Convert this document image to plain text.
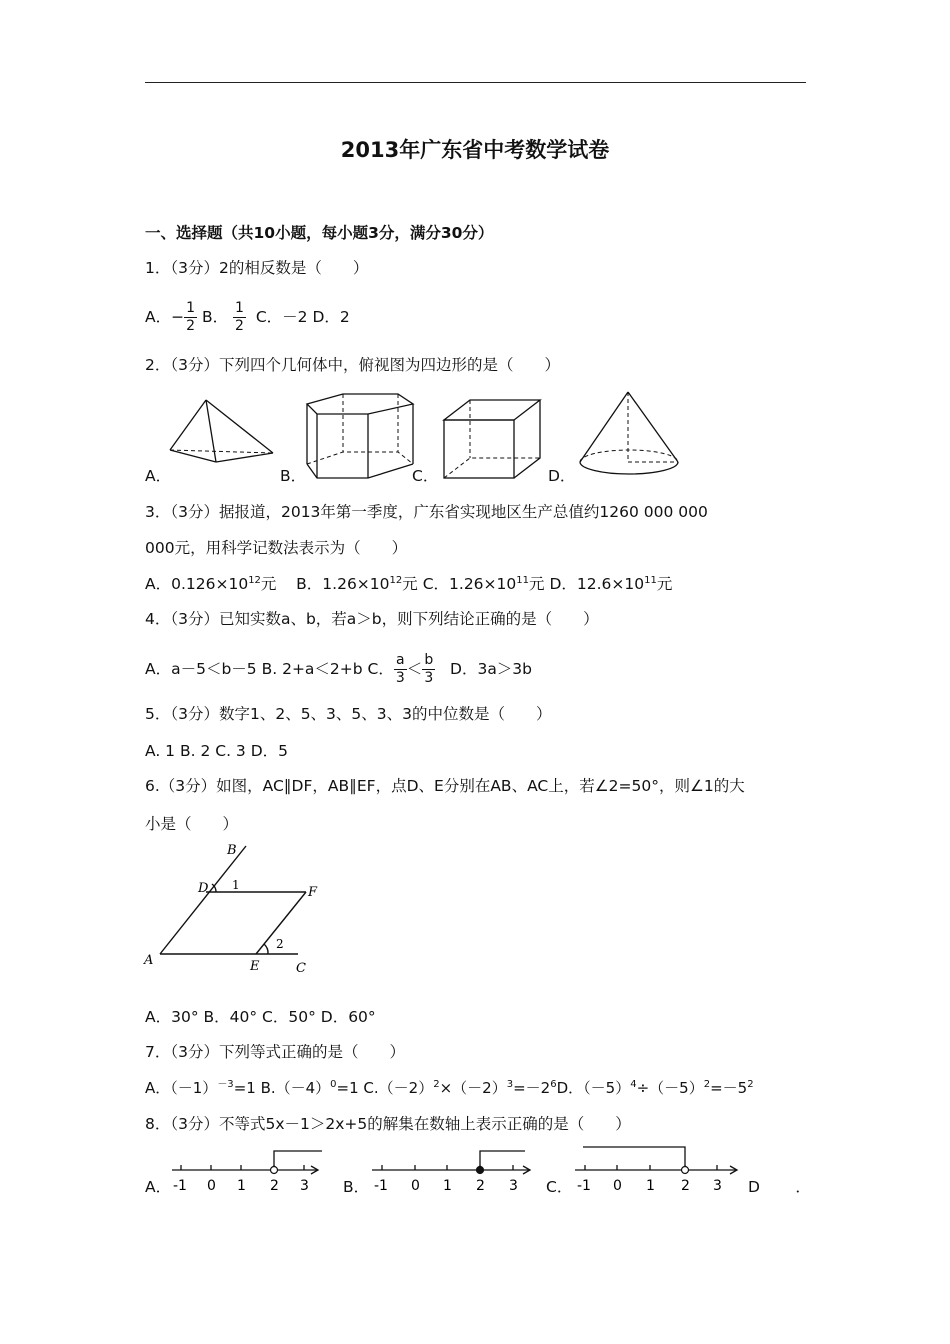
2013年广东省中考数学试卷
一、选择题（共10小题，每小题3分，满分30分）
1．（3分）2的相反数是（　　）
A．− $\frac{1}{2}$ B． $\frac{1}{2}$ C．－2 D．2
2．（3分）下列四个几何体中，俯视图为四边形的是（　　）
A．	B．	C．	D．
3．（3分）据报道，2013年第一季度，广东省实现地区生产总值约1260 000 000
000元，用科学记数法表示为（　　）
A．$0.126\times 10^{12}$元 B．$1.26\times 10^{12}$元 C．$1.26\times 10^{11}$元 D．$12.6\times 10^{11}$元
4．（3分）已知实数a、b，若a＞b，则下列结论正确的是（　　）
A．a－5＜b－5 B. 2+a＜2+b C． $\frac{a}{3} < \frac{b}{3}$ D．3a＞3b
5．（3分）数字1、2、5、3、5、3、3的中位数是（　　）
A. 1 B. 2 C. 3 D．5
6.（3分）如图，AC∥DF，AB∥EF，点D、E分别在AB、AC上，若∠2=50°，则∠1的大
小是（　　）
B
D 1	F
2
A	E	C
A．30° B．40° C．50° D．60°
7．（3分）下列等式正确的是（　　）
A．$(-1)^{-3}=1$ $B.(-4)^0=1$ $C.(-2)^2\times(-2)^3=-2^6D$．$(-5)^4\div(-5)^2=-5^2$
8．（3分）不等式5x－1＞2x+5的解集在数轴上表示正确的是（　　）
A． -1 0 1 2 3 B． -1 0 1 2 3 C． -1 0 1 2 3 D　．
